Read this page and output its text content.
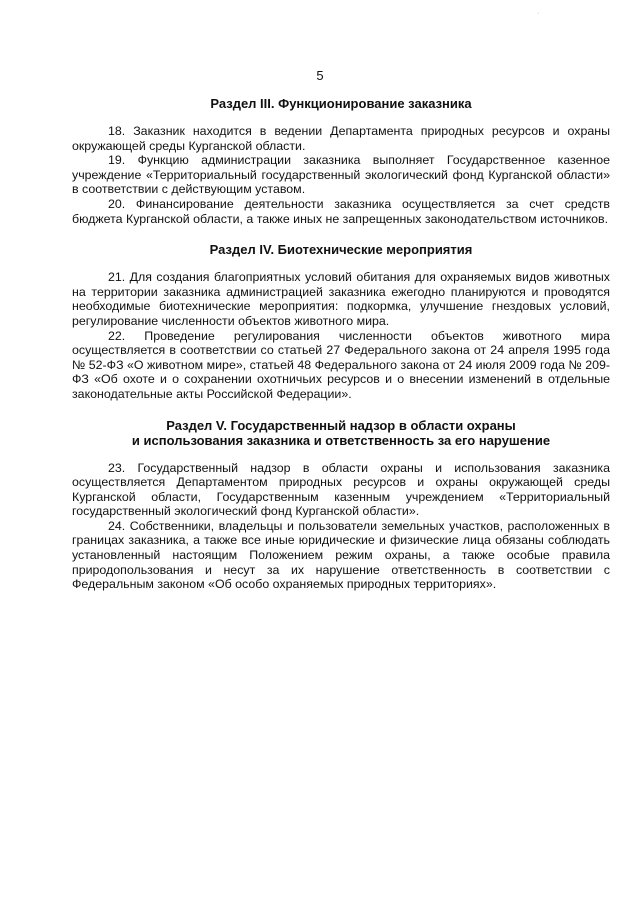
·
5
Раздел III. Функционирование заказника

18. Заказник находится в ведении Департамента природных ресурсов и охраны окружающей среды Курганской области.

19. Функцию администрации заказника выполняет Государственное казенное учреждение «Территориальный государственный экологический фонд Курганской области» в соответствии с действующим уставом.

20. Финансирование деятельности заказника осуществляется за счет средств бюджета Курганской области, а также иных не запрещенных законодательством источников.

Раздел IV. Биотехнические мероприятия

21. Для создания благоприятных условий обитания для охраняемых видов животных на территории заказника администрацией заказника ежегодно планируются и проводятся необходимые биотехнические мероприятия: подкормка, улучшение гнездовых условий, регулирование численности объектов животного мира.

22. Проведение регулирования численности объектов животного мира осуществляется в соответствии со статьей 27 Федерального закона от 24 апреля 1995 года № 52-ФЗ «О животном мире», статьей 48 Федерального закона от 24 июля 2009 года № 209-ФЗ «Об охоте и о сохранении охотничьих ресурсов и о внесении изменений в отдельные законодательные акты Российской Федерации».

Раздел V. Государственный надзор в области охраны
и использования заказника и ответственность за его нарушение

23. Государственный надзор в области охраны и использования заказника осуществляется Департаментом природных ресурсов и охраны окружающей среды Курганской области, Государственным казенным учреждением «Территориальный государственный экологический фонд Курганской области».

24. Собственники, владельцы и пользователи земельных участков, расположенных в границах заказника, а также все иные юридические и физические лица обязаны соблюдать установленный настоящим Положением режим охраны, а также особые правила природопользования и несут за их нарушение ответственность в соответствии с Федеральным законом «Об особо охраняемых природных территориях».
